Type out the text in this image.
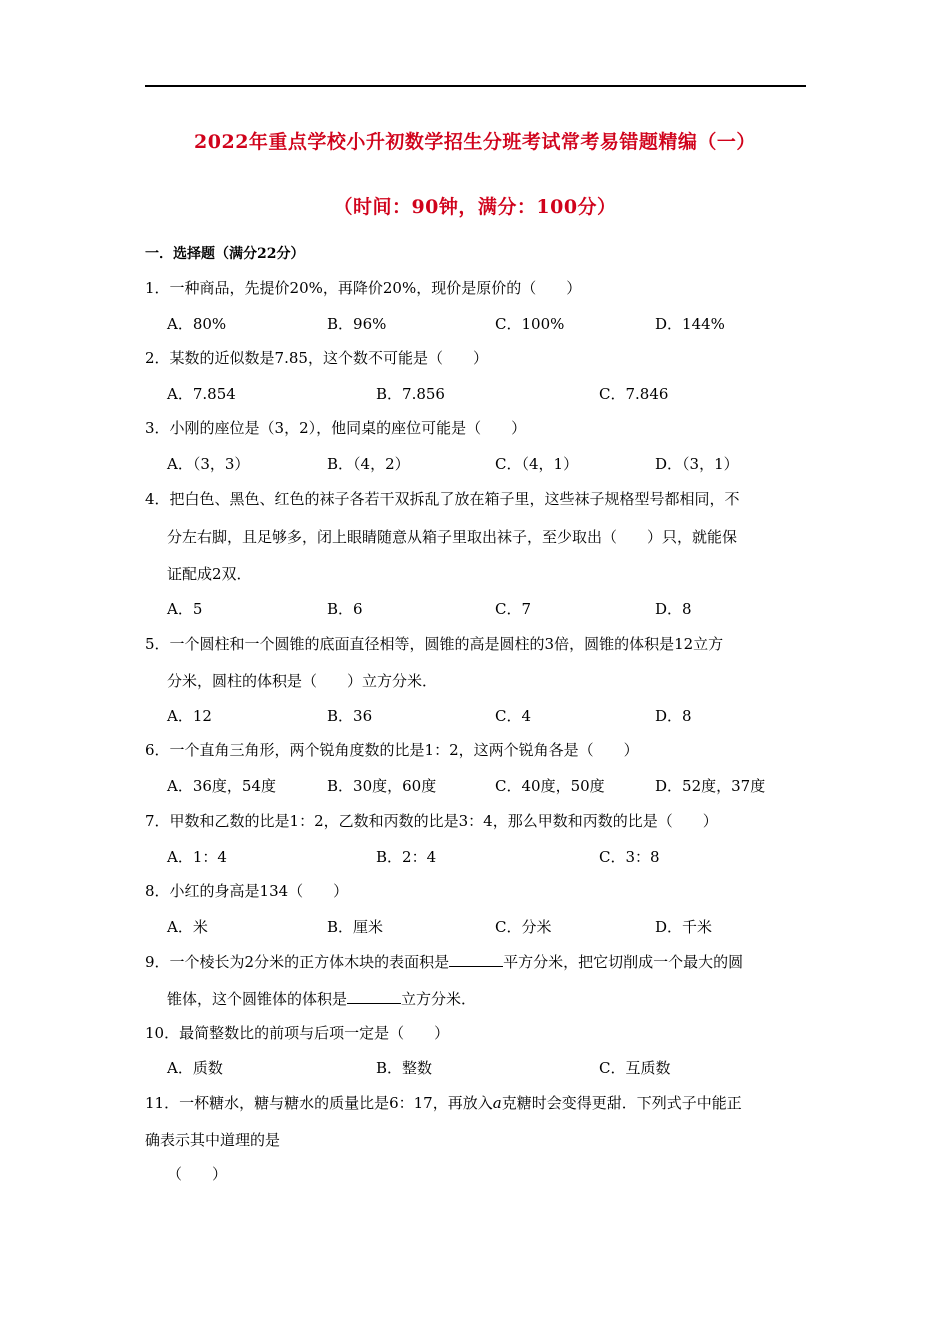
2022年重点学校小升初数学招生分班考试常考易错题精编（一）
（时间：90钟，满分：100分）
一．选择题（满分22分）
1．一种商品，先提价20%，再降价20%，现价是原价的（　　）
A．80%	B．96%	C．100%	D．144%
2．某数的近似数是7.85，这个数不可能是（　　）
A．7.854	B．7.856	C．7.846
3．小刚的座位是（3，2），他同桌的座位可能是（　　）
A．（3，3）	B．（4，2）	C．（4，1）	D．（3，1）
4．把白色、黑色、红色的袜子各若干双拆乱了放在箱子里，这些袜子规格型号都相同，不
分左右脚，且足够多，闭上眼睛随意从箱子里取出袜子，至少取出（　　）只，就能保
证配成2双．
A．5	B．6	C．7	D．8
5．一个圆柱和一个圆锥的底面直径相等，圆锥的高是圆柱的3倍，圆锥的体积是12立方
分米，圆柱的体积是（　　）立方分米．
A．12	B．36	C．4	D．8
6．一个直角三角形，两个锐角度数的比是1：2，这两个锐角各是（　　）
A．36度，54度	B．30度，60度	C．40度，50度	D．52度，37度
7．甲数和乙数的比是1：2，乙数和丙数的比是3：4，那么甲数和丙数的比是（　　）
A．1：4	B．2：4	C．3：8
8．小红的身高是134（　　）
A．米	B．厘米	C．分米	D．千米
9．一个棱长为2分米的正方体木块的表面积是	平方分米，把它切削成一个最大的圆
锥体，这个圆锥体的体积是	立方分米．
10．最简整数比的前项与后项一定是（　　）
A．质数	B．整数	C．互质数
11．一杯糖水，糖与糖水的质量比是6：17，再放入a克糖时会变得更甜．下列式子中能正
确表示其中道理的是
（　　）
